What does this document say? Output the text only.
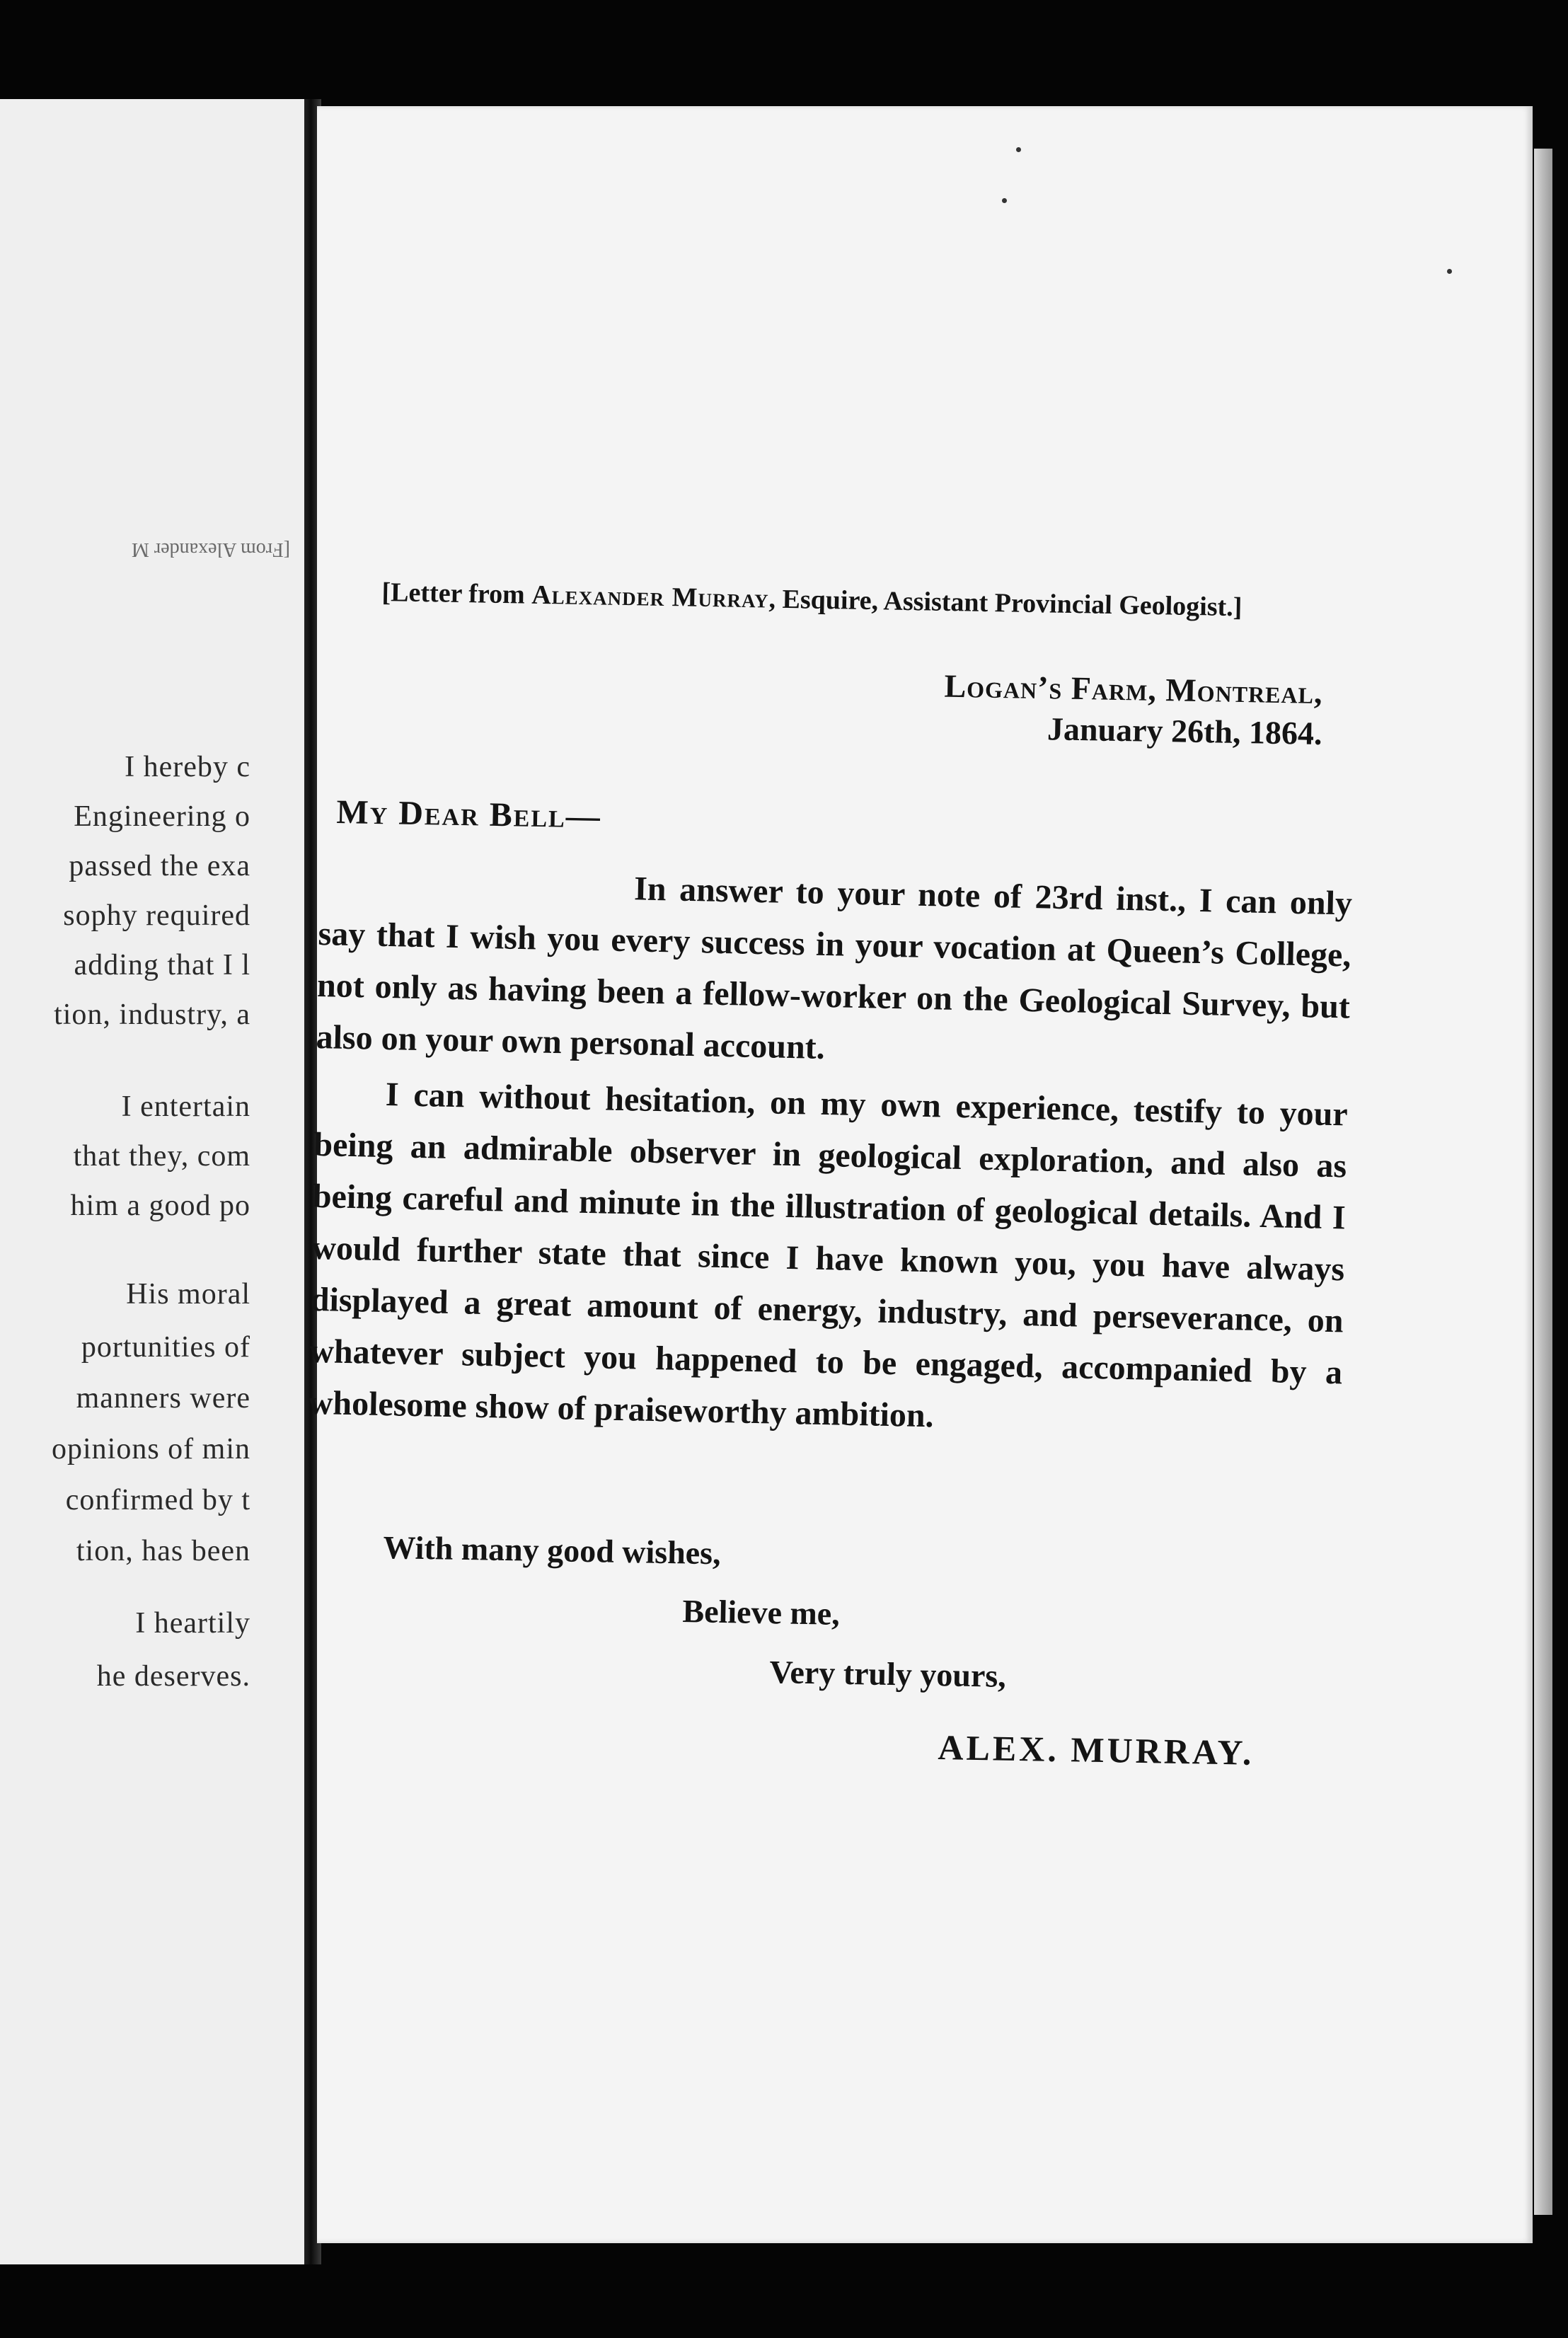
[From Alexander M
I hereby c
Engineering o
passed the exa
sophy required
adding that I l
tion, industry, a
I entertain
that they, com
him a good po
His moral
portunities of
manners were
opinions of min
confirmed by t
tion, has been
I heartily
he deserves.
[Letter from Alexander Murray, Esquire, Assistant Provincial Geologist.]
Logan’s Farm, Montreal,
January 26th, 1864.
My Dear Bell—

In answer to your note of 23rd inst., I can only say that I wish you every success in your vocation at Queen’s College, not only as having been a fellow-worker on the Geological Survey, but also on your own personal account.

I can without hesitation, on my own experience, testify to your being an admirable observer in geological exploration, and also as being careful and minute in the illustration of geological details. And I would further state that since I have known you, you have always displayed a great amount of energy, industry, and perseverance, on whatever subject you happened to be engaged, accompanied by a wholesome show of praiseworthy ambition.

With many good wishes,
Believe me,
Very truly yours,
ALEX. MURRAY.
